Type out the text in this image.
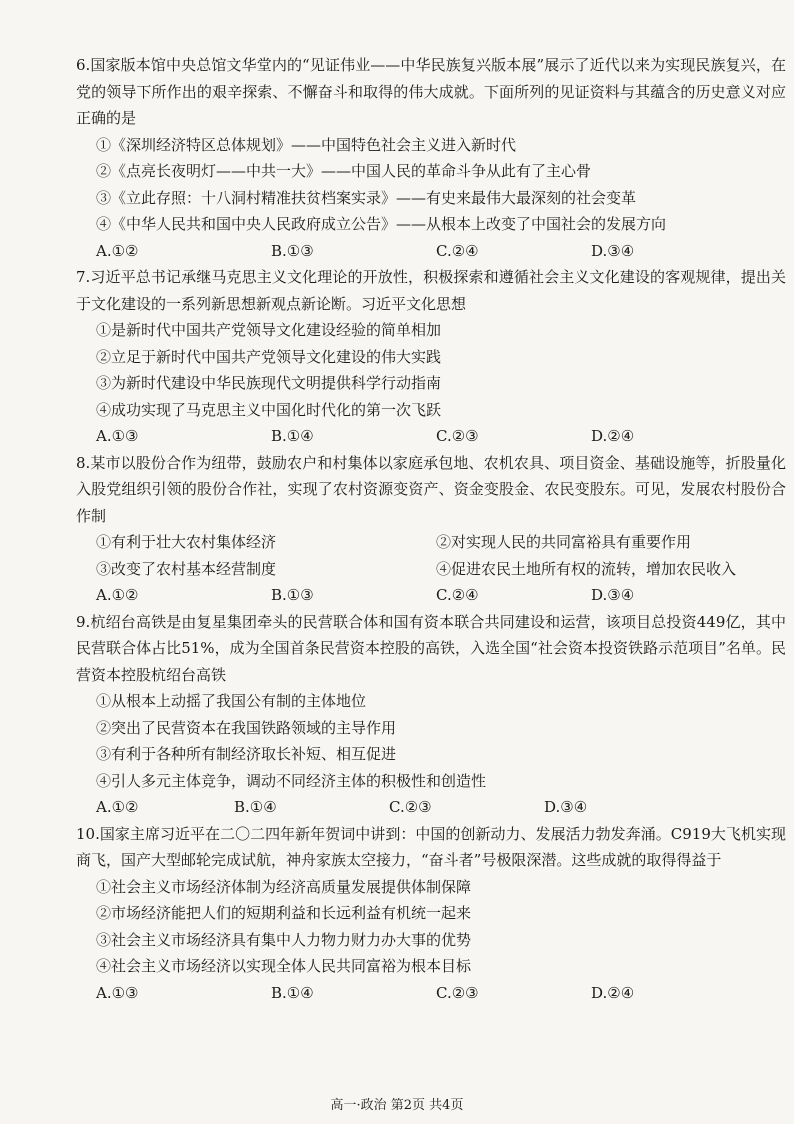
6.国家版本馆中央总馆文华堂内的“见证伟业——中华民族复兴版本展”展示了近代以来为实现民族复兴，在党的领导下所作出的艰辛探索、不懈奋斗和取得的伟大成就。下面所列的见证资料与其蕴含的历史意义对应正确的是

①《深圳经济特区总体规划》——中国特色社会主义进入新时代

②《点亮长夜明灯——中共一大》——中国人民的革命斗争从此有了主心骨

③《立此存照：十八洞村精准扶贫档案实录》——有史来最伟大最深刻的社会变革

④《中华人民共和国中央人民政府成立公告》——从根本上改变了中国社会的发展方向

A.①②	B.①③	C.②④	D.③④

7.习近平总书记承继马克思主义文化理论的开放性，积极探索和遵循社会主义文化建设的客观规律，提出关于文化建设的一系列新思想新观点新论断。习近平文化思想

①是新时代中国共产党领导文化建设经验的简单相加

②立足于新时代中国共产党领导文化建设的伟大实践

③为新时代建设中华民族现代文明提供科学行动指南

④成功实现了马克思主义中国化时代化的第一次飞跃

A.①③	B.①④	C.②③	D.②④

8.某市以股份合作为纽带，鼓励农户和村集体以家庭承包地、农机农具、项目资金、基础设施等，折股量化入股党组织引领的股份合作社，实现了农村资源变资产、资金变股金、农民变股东。可见，发展农村股份合作制

①有利于壮大农村集体经济	②对实现人民的共同富裕具有重要作用

③改变了农村基本经营制度	④促进农民土地所有权的流转，增加农民收入

A.①②	B.①③	C.②④	D.③④

9.杭绍台高铁是由复星集团牵头的民营联合体和国有资本联合共同建设和运营，该项目总投资449亿，其中民营联合体占比51%，成为全国首条民营资本控股的高铁，入选全国“社会资本投资铁路示范项目”名单。民营资本控股杭绍台高铁

①从根本上动摇了我国公有制的主体地位

②突出了民营资本在我国铁路领域的主导作用

③有利于各种所有制经济取长补短、相互促进

④引人多元主体竞争，调动不同经济主体的积极性和创造性

A.①②	B.①④	C.②③	D.③④

10.国家主席习近平在二〇二四年新年贺词中讲到：中国的创新动力、发展活力勃发奔涌。C919大飞机实现商飞，国产大型邮轮完成试航，神舟家族太空接力，“奋斗者”号极限深潜。这些成就的取得得益于

①社会主义市场经济体制为经济高质量发展提供体制保障

②市场经济能把人们的短期利益和长远利益有机统一起来

③社会主义市场经济具有集中人力物力财力办大事的优势

④社会主义市场经济以实现全体人民共同富裕为根本目标

A.①③	B.①④	C.②③	D.②④
高一·政治 第2页 共4页
